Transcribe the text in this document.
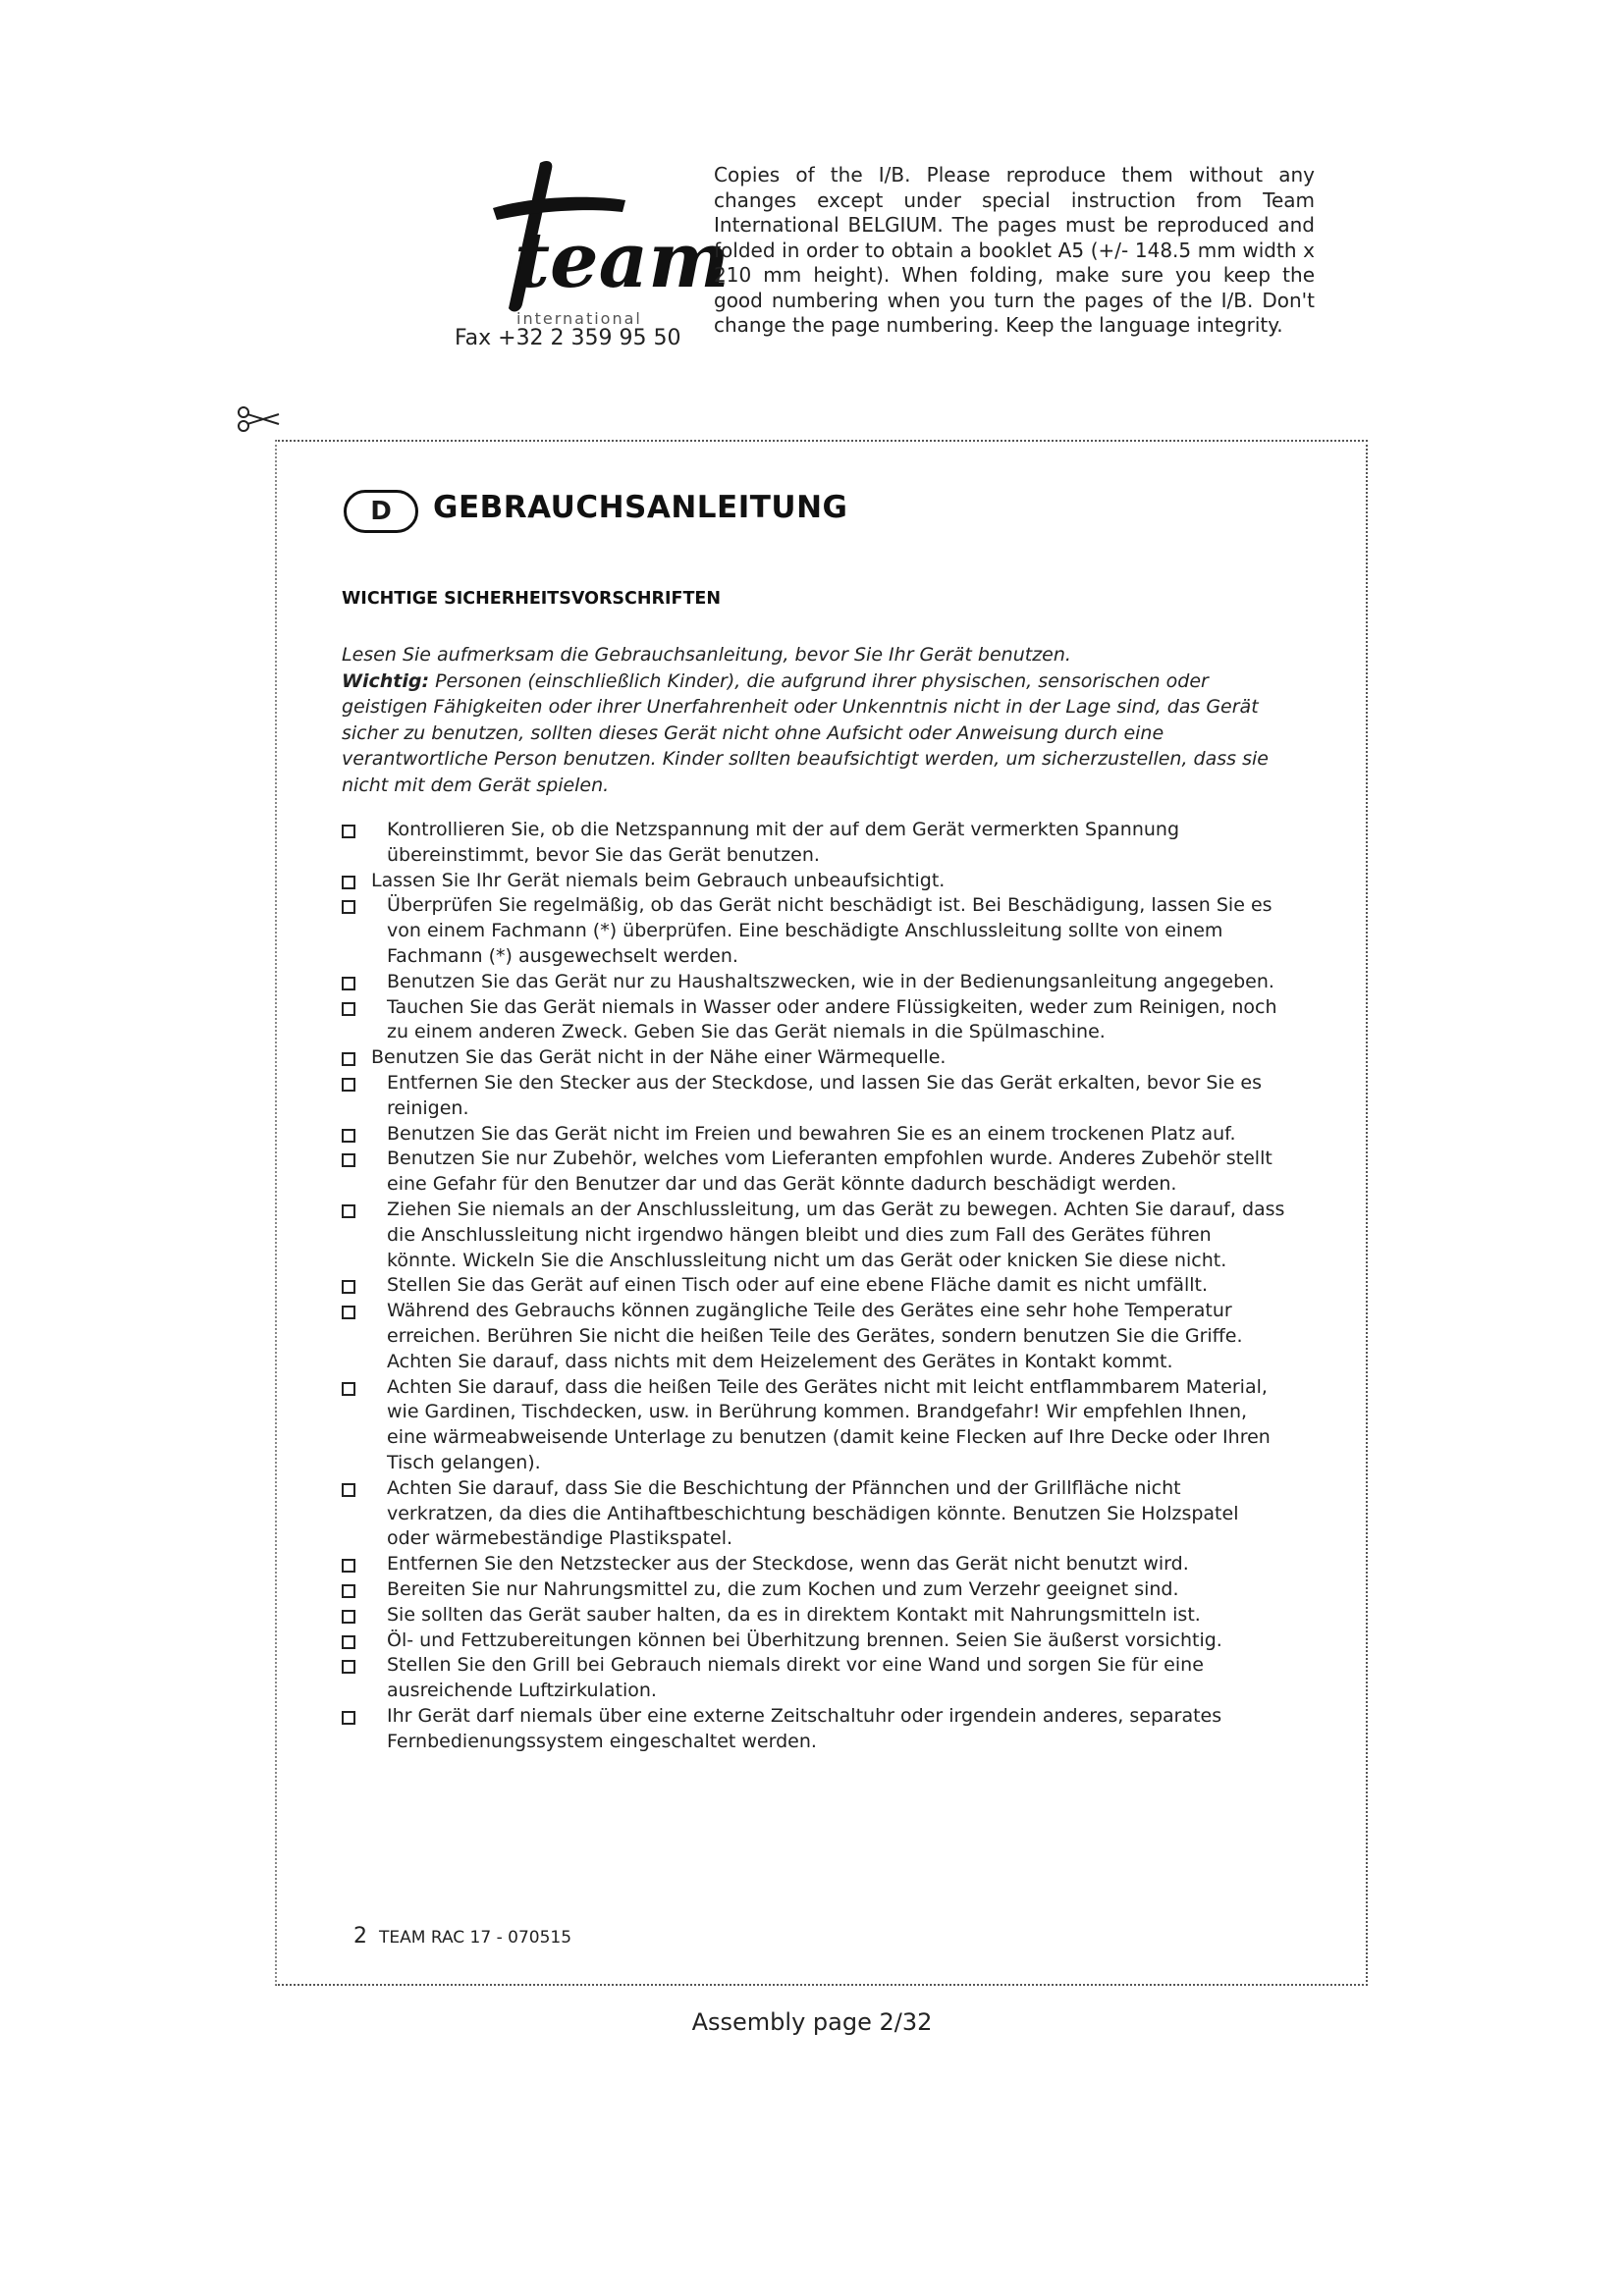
team
international
Fax +32 2 359 95 50
Copies of the I/B. Please reproduce them without any changes except under special instruction from Team International BELGIUM. The pages must be reproduced and folded in order to obtain a booklet A5 (+/- 148.5 mm width x 210 mm height). When folding, make sure you keep the good numbering when you turn the pages of the I/B. Don't change the page numbering. Keep the language integrity.
D	GEBRAUCHSANLEITUNG
WICHTIGE SICHERHEITSVORSCHRIFTEN
Lesen Sie aufmerksam die Gebrauchsanleitung, bevor Sie Ihr Gerät benutzen.
Wichtig: Personen (einschließlich Kinder), die aufgrund ihrer physischen, sensorischen oder geistigen Fähigkeiten oder ihrer Unerfahrenheit oder Unkenntnis nicht in der Lage sind, das Gerät sicher zu benutzen, sollten dieses Gerät nicht ohne Aufsicht oder Anweisung durch eine verantwortliche Person benutzen. Kinder sollten beaufsichtigt werden, um sicherzustellen, dass sie nicht mit dem Gerät spielen.
Kontrollieren Sie, ob die Netzspannung mit der auf dem Gerät vermerkten Spannung übereinstimmt, bevor Sie das Gerät benutzen.
Lassen Sie Ihr Gerät niemals beim Gebrauch unbeaufsichtigt.
Überprüfen Sie regelmäßig, ob das Gerät nicht beschädigt ist. Bei Beschädigung, lassen Sie es von einem Fachmann (*) überprüfen. Eine beschädigte Anschlussleitung sollte von einem Fachmann (*) ausgewechselt werden.
Benutzen Sie das Gerät nur zu Haushaltszwecken, wie in der Bedienungsanleitung angegeben.
Tauchen Sie das Gerät niemals in Wasser oder andere Flüssigkeiten, weder zum Reinigen, noch zu einem anderen Zweck. Geben Sie das Gerät niemals in die Spülmaschine.
Benutzen Sie das Gerät nicht in der Nähe einer Wärmequelle.
Entfernen Sie den Stecker aus der Steckdose, und lassen Sie das Gerät erkalten, bevor Sie es reinigen.
Benutzen Sie das Gerät nicht im Freien und bewahren Sie es an einem trockenen Platz auf.
Benutzen Sie nur Zubehör, welches vom Lieferanten empfohlen wurde. Anderes Zubehör stellt eine Gefahr für den Benutzer dar und das Gerät könnte dadurch beschädigt werden.
Ziehen Sie niemals an der Anschlussleitung, um das Gerät zu bewegen. Achten Sie darauf, dass die Anschlussleitung nicht irgendwo hängen bleibt und dies zum Fall des Gerätes führen könnte. Wickeln Sie die Anschlussleitung nicht um das Gerät oder knicken Sie diese nicht.
Stellen Sie das Gerät auf einen Tisch oder auf eine ebene Fläche damit es nicht umfällt.
Während des Gebrauchs können zugängliche Teile des Gerätes eine sehr hohe Temperatur erreichen. Berühren Sie nicht die heißen Teile des Gerätes, sondern benutzen Sie die Griffe. Achten Sie darauf, dass nichts mit dem Heizelement des Gerätes in Kontakt kommt.
Achten Sie darauf, dass die heißen Teile des Gerätes nicht mit leicht entflammbarem Material, wie Gardinen, Tischdecken, usw. in Berührung kommen. Brandgefahr! Wir empfehlen Ihnen, eine wärmeabweisende Unterlage zu benutzen (damit keine Flecken auf Ihre Decke oder Ihren Tisch gelangen).
Achten Sie darauf, dass Sie die Beschichtung der Pfännchen und der Grillfläche nicht verkratzen, da dies die Antihaftbeschichtung beschädigen könnte. Benutzen Sie Holzspatel oder wärmebeständige Plastikspatel.
Entfernen Sie den Netzstecker aus der Steckdose, wenn das Gerät nicht benutzt wird.
Bereiten Sie nur Nahrungsmittel zu, die zum Kochen und zum Verzehr geeignet sind.
Sie sollten das Gerät sauber halten, da es in direktem Kontakt mit Nahrungsmitteln ist.
Öl- und Fettzubereitungen können bei Überhitzung brennen. Seien Sie äußerst vorsichtig.
Stellen Sie den Grill bei Gebrauch niemals direkt vor eine Wand und sorgen Sie für eine ausreichende Luftzirkulation.
Ihr Gerät darf niemals über eine externe Zeitschaltuhr oder irgendein anderes, separates Fernbedienungssystem eingeschaltet werden.
2 TEAM RAC 17 - 070515
Assembly page 2/32
